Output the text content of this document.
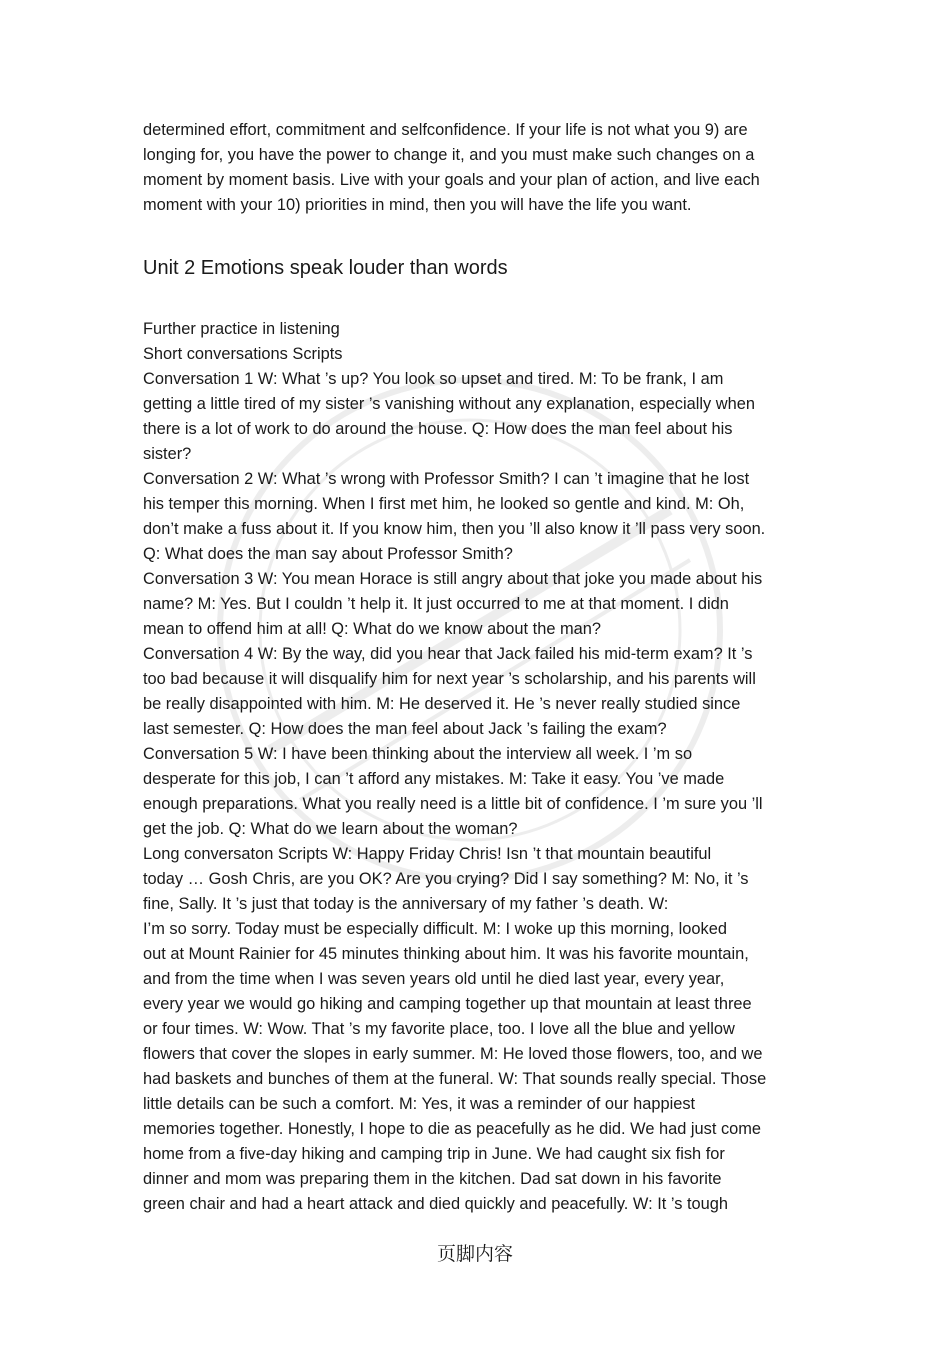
determined effort, commitment and selfconfidence. If your life is not what you 9) are

longing for, you have the power to change it, and you must make such changes on a

moment by moment basis. Live with your goals and your plan of action, and live each

moment with your 10) priorities in mind, then you will have the life you want.

Unit 2 Emotions speak louder than words

Further practice in listening

Short conversations Scripts

Conversation 1 W: What ’s up? You look so upset and tired. M: To be frank, I am

getting a little tired of my sister ’s vanishing without any explanation, especially when

there is a lot of work to do around the house. Q: How does the man feel about his

sister?

Conversation 2 W: What ’s wrong with Professor Smith? I can ’t imagine that he lost

his temper this morning. When I first met him, he looked so gentle and kind. M: Oh,

don’t make a fuss about it. If you know him, then you ’ll also know it ’ll pass very soon.

Q: What does the man say about Professor Smith?

Conversation 3 W: You mean Horace is still angry about that joke you made about his

name? M: Yes. But I couldn ’t help it. It just occurred to me at that moment. I didn

mean to offend him at all! Q: What do we know about the man?

Conversation 4 W: By the way, did you hear that Jack failed his mid-term exam? It ’s

too bad because it will disqualify him for next year ’s scholarship, and his parents will

be really disappointed with him. M: He deserved it. He ’s never really studied since

last semester. Q: How does the man feel about Jack ’s failing the exam?

Conversation 5 W: I have been thinking about the interview all week. I ’m so

desperate for this job, I can ’t afford any mistakes. M: Take it easy. You ’ve made

enough preparations. What you really need is a little bit of confidence. I ’m sure you ’ll

get the job. Q: What do we learn about the woman?

Long conversaton Scripts W: Happy Friday Chris! Isn ’t that mountain beautiful

today … Gosh Chris, are you OK? Are you crying? Did I say something? M: No, it ’s

fine, Sally. It ’s just that today is the anniversary of my father ’s death. W:

I’m so sorry. Today must be especially difficult. M: I woke up this morning, looked

out at Mount Rainier for 45 minutes thinking about him. It was his favorite mountain,

and from the time when I was seven years old until he died last year, every year,

every year we would go hiking and camping together up that mountain at least three

or four times. W: Wow. That ’s my favorite place, too. I love all the blue and yellow

flowers that cover the slopes in early summer. M: He loved those flowers, too, and we

had baskets and bunches of them at the funeral. W: That sounds really special. Those

little details can be such a comfort. M: Yes, it was a reminder of our happiest

memories together. Honestly, I hope to die as peacefully as he did. We had just come

home from a five-day hiking and camping trip in June. We had caught six fish for

dinner and mom was preparing them in the kitchen. Dad sat down in his favorite

green chair and had a heart attack and died quickly and peacefully. W: It ’s tough

页脚内容
